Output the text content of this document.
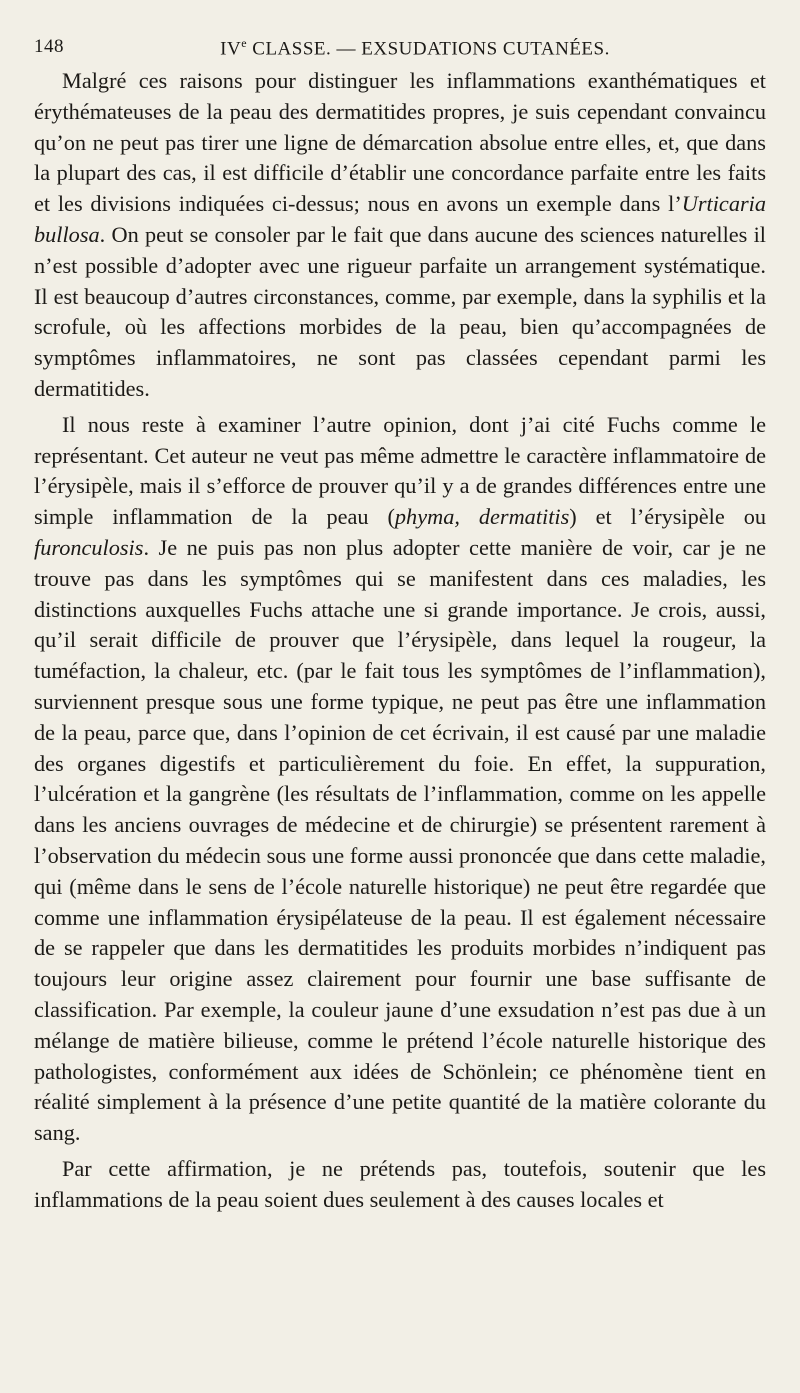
148	IVe CLASSE. — EXSUDATIONS CUTANÉES.

Malgré ces raisons pour distinguer les inflammations exanthématiques et érythémateuses de la peau des dermatitides propres, je suis cependant convaincu qu’on ne peut pas tirer une ligne de démarcation absolue entre elles, et, que dans la plupart des cas, il est difficile d’établir une concordance parfaite entre les faits et les divisions indiquées ci-dessus; nous en avons un exemple dans l’Urticaria bullosa. On peut se consoler par le fait que dans aucune des sciences naturelles il n’est possible d’adopter avec une rigueur parfaite un arrangement systématique. Il est beaucoup d’autres circonstances, comme, par exemple, dans la syphilis et la scrofule, où les affections morbides de la peau, bien qu’accompagnées de symptômes inflammatoires, ne sont pas classées cependant parmi les dermatitides.

Il nous reste à examiner l’autre opinion, dont j’ai cité Fuchs comme le représentant. Cet auteur ne veut pas même admettre le caractère inflammatoire de l’érysipèle, mais il s’efforce de prouver qu’il y a de grandes différences entre une simple inflammation de la peau (phyma, dermatitis) et l’érysipèle ou furonculosis. Je ne puis pas non plus adopter cette manière de voir, car je ne trouve pas dans les symptômes qui se manifestent dans ces maladies, les distinctions auxquelles Fuchs attache une si grande importance. Je crois, aussi, qu’il serait difficile de prouver que l’érysipèle, dans lequel la rougeur, la tuméfaction, la chaleur, etc. (par le fait tous les symptômes de l’inflammation), surviennent presque sous une forme typique, ne peut pas être une inflammation de la peau, parce que, dans l’opinion de cet écrivain, il est causé par une maladie des organes digestifs et particulièrement du foie. En effet, la suppuration, l’ulcération et la gangrène (les résultats de l’inflammation, comme on les appelle dans les anciens ouvrages de médecine et de chirurgie) se présentent rarement à l’observation du médecin sous une forme aussi prononcée que dans cette maladie, qui (même dans le sens de l’école naturelle historique) ne peut être regardée que comme une inflammation érysipélateuse de la peau. Il est également nécessaire de se rappeler que dans les dermatitides les produits morbides n’indiquent pas toujours leur origine assez clairement pour fournir une base suffisante de classification. Par exemple, la couleur jaune d’une exsudation n’est pas due à un mélange de matière bilieuse, comme le prétend l’école naturelle historique des pathologistes, conformément aux idées de Schönlein; ce phénomène tient en réalité simplement à la présence d’une petite quantité de la matière colorante du sang.

Par cette affirmation, je ne prétends pas, toutefois, soutenir que les inflammations de la peau soient dues seulement à des causes locales et
